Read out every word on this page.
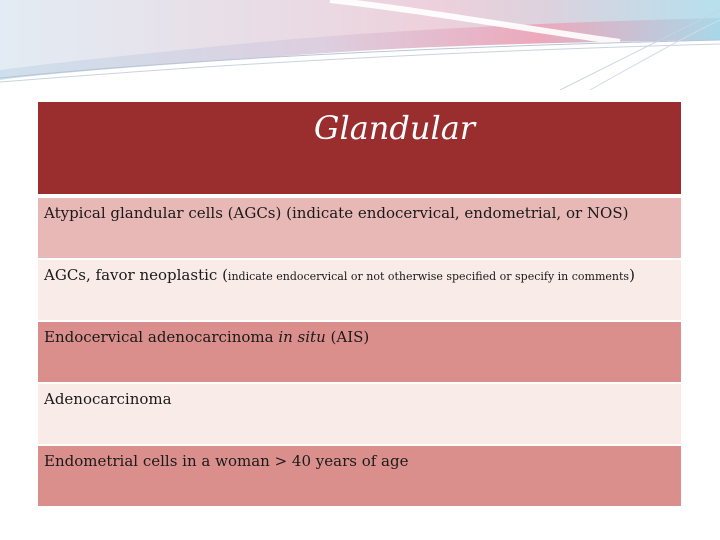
Glandular
Atypical glandular cells (AGCs) (indicate endocervical, endometrial, or NOS)
AGCs, favor neoplastic (indicate endocervical or not otherwise specified or specify in comments)
Endocervical adenocarcinoma in situ (AIS)
Adenocarcinoma
Endometrial cells in a woman > 40 years of age
